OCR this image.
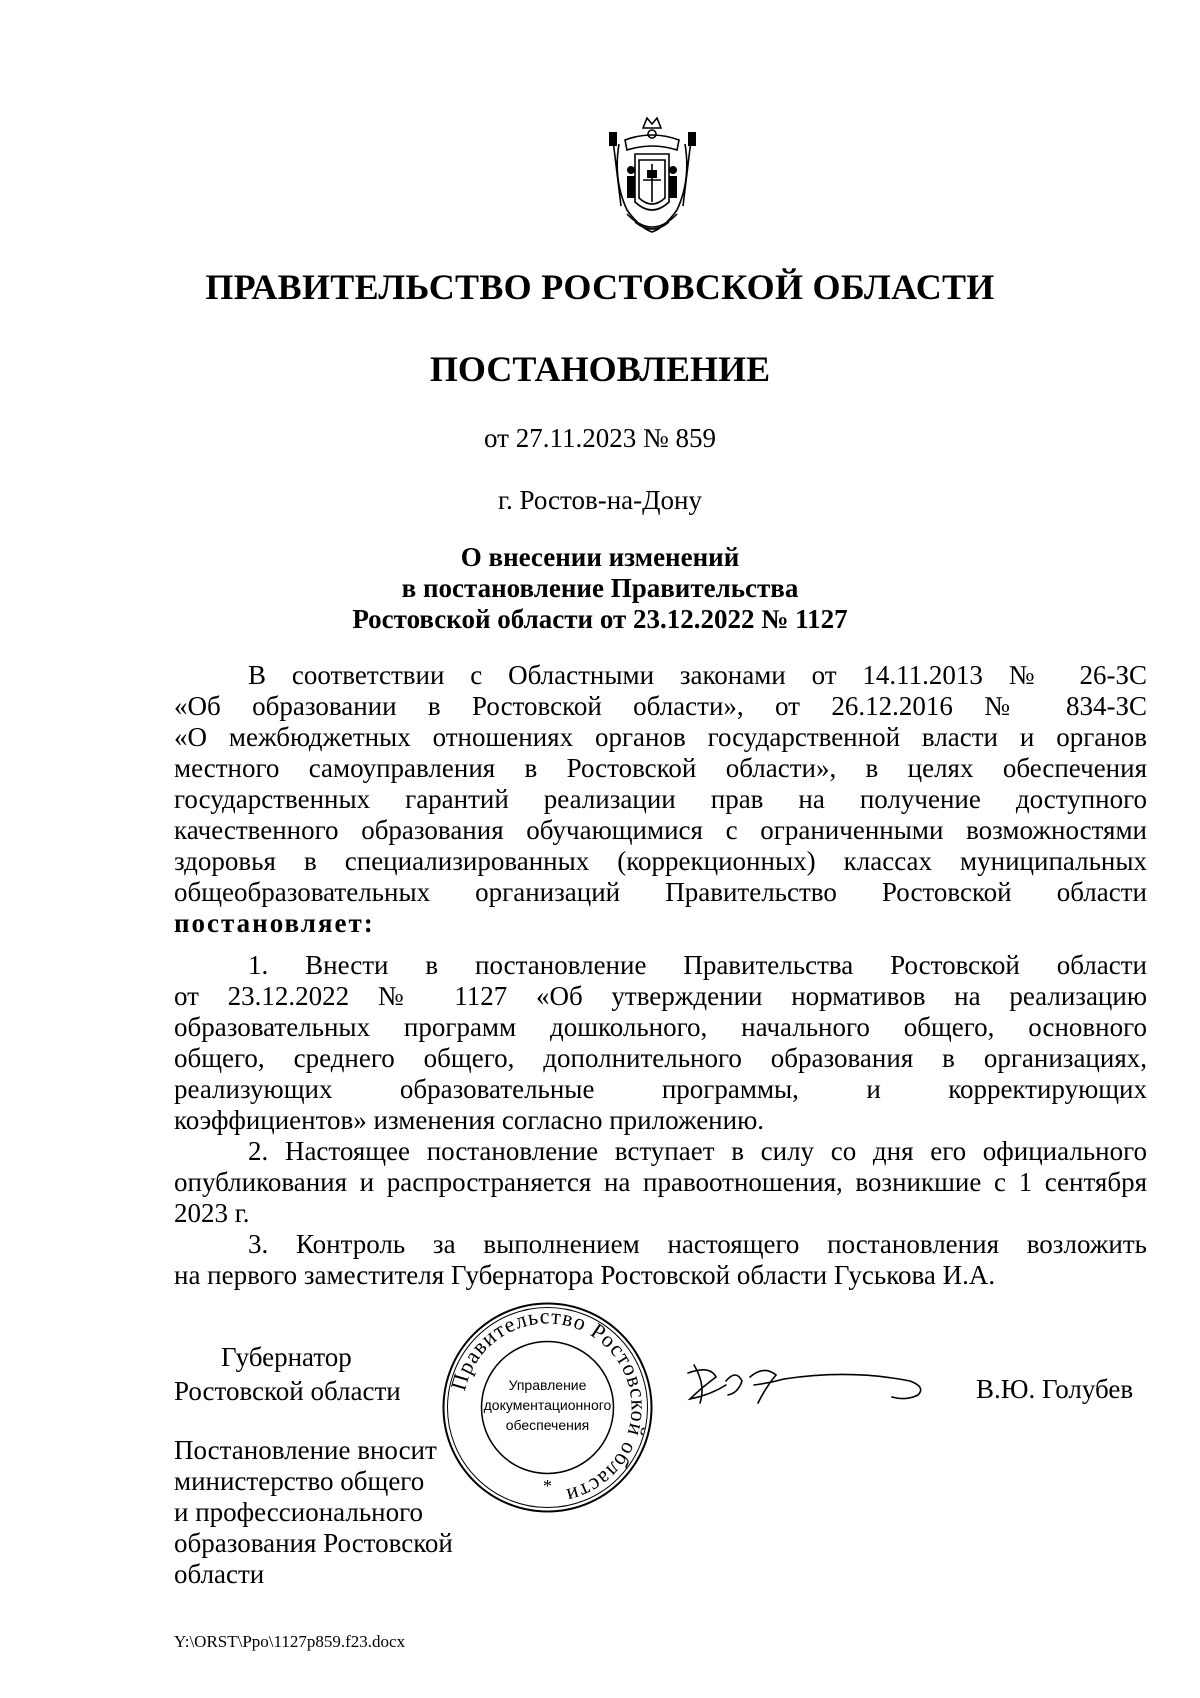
ПРАВИТЕЛЬСТВО РОСТОВСКОЙ ОБЛАСТИ
ПОСТАНОВЛЕНИЕ
от 27.11.2023 № 859
г. Ростов-на-Дону
О внесении изменений
в постановление Правительства
Ростовской области от 23.12.2022 № 1127
В соответствии с Областными законами от 14.11.2013 № 26-ЗС
«Об образовании в Ростовской области», от 26.12.2016 № 834-ЗС
«О межбюджетных отношениях органов государственной власти и органов
местного самоуправления в Ростовской области», в целях обеспечения
государственных гарантий реализации прав на получение доступного
качественного образования обучающимися с ограниченными возможностями
здоровья в специализированных (коррекционных) классах муниципальных
общеобразовательных организаций Правительство Ростовской области
постановляет:
1. Внести в постановление Правительства Ростовской области
от 23.12.2022 № 1127 «Об утверждении нормативов на реализацию
образовательных программ дошкольного, начального общего, основного
общего, среднего общего, дополнительного образования в организациях,
реализующих образовательные программы, и корректирующих
коэффициентов» изменения согласно приложению.
2. Настоящее постановление вступает в силу со дня его официального
опубликования и распространяется на правоотношения, возникшие с 1 сентября
2023 г.
3. Контроль за выполнением настоящего постановления возложить
на первого заместителя Губернатора Ростовской области Гуськова И.А.
Губернатор
Ростовской области
Постановление вносит
министерство общего
и профессионального
образования Ростовской
области
Правительство Ростовской области
Управление
документационного
обеспечения
*
В.Ю. Голубев
Y:\ORST\Ppo\1127p859.f23.docx
